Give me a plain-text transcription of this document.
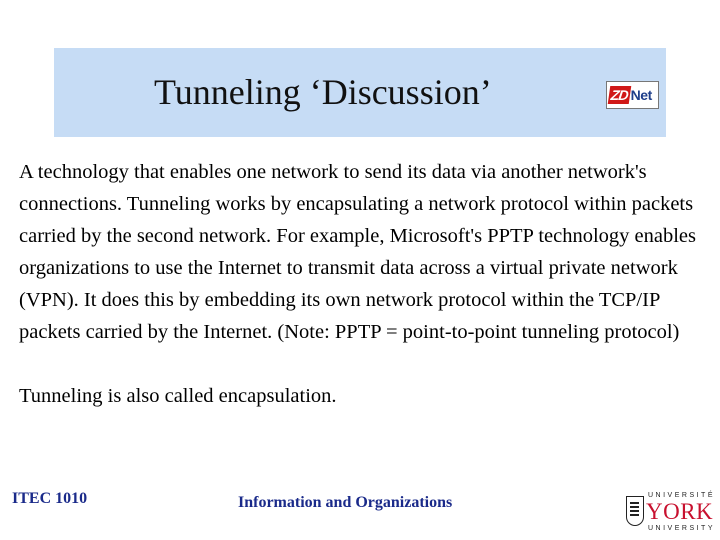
Tunneling ‘Discussion’	ZD Net

A technology that enables one network to send its data via another network's connections. Tunneling works by encapsulating a network protocol within packets carried by the second network. For example, Microsoft's PPTP technology enables organizations to use the Internet to transmit data across a virtual private network (VPN). It does this by embedding its own network protocol within the TCP/IP packets carried by the Internet. (Note: PPTP = point-to-point tunneling protocol)

Tunneling is also called encapsulation.

ITEC 1010	Information and Organizations	UNIVERSITÉ
YORK
UNIVERSITY
